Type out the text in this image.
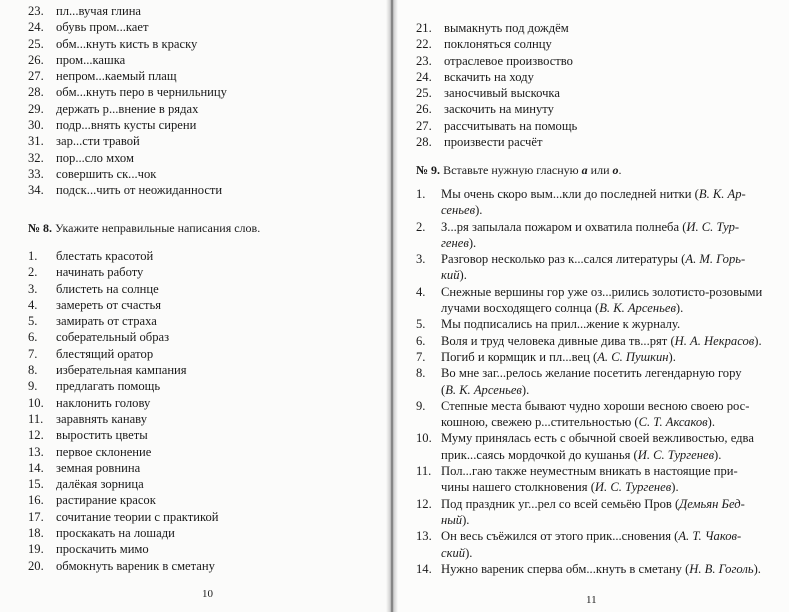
23. пл...вучая глина
24. обувь пром...кает
25. обм...кнуть кисть в краску
26. пром...кашка
27. непром...каемый плащ
28. обм...кнуть перо в чернильницу
29. держать р...внение в рядах
30. подр...внять кусты сирени
31. зар...сти травой
32. пор...сло мхом
33. совершить ск...чок
34. подск...чить от неожиданности
№ 8. Укажите неправильные написания слов.
1.	блестать красотой
2.	начинать работу
3.	блистеть на солнце
4.	замереть от счастья
5.	замирать от страха
6.	соберательный образ
7.	блестящий оратор
8.	изберательная кампания
9.	предлагать помощь
10. наклонить голову
11.	заравнять канаву
12. выростить цветы
13. первое склонение
14. земная ровнина
15. далёкая зорница
16. растирание красок
17. сочитание теории с практикой
18. проскакать на лошади
19. проскачить мимо
20. обмокнуть вареник в сметану
10
21. вымакнуть под дождём
22. поклоняться солнцу
23. отраслевое произвоство
24. вскачить на ходу
25. заносчивый выскочка
26. заскочить на минуту
27. рассчитывать на помощь
28. произвести расчёт
№ 9. Вставьте нужную гласную а или о.
1.	Мы очень скоро вым...кли до последней нитки (В. К. Ар-
сеньев).
2.	З...ря запылала пожаром и охватила полнеба (И. С. Тур-
генев).
3.	Разговор несколько раз к...сался литературы (А. М. Горь-
кий).
4.	Снежные вершины гор уже оз...рились золотисто-розовыми
лучами восходящего солнца (В. К. Арсеньев).
5.	Мы подписались на прил...жение к журналу.
6.	Воля и труд человека дивные дива тв...рят (Н. А. Некрасов).
7.	Погиб и кормщик и пл...вец (А. С. Пушкин).
8.	Во мне заг...релось желание посетить легендарную гору
(В. К. Арсеньев).
9.	Степные места бывают чудно хороши весною своею рос-
кошною, свежею р...стительностью (С. Т. Аксаков).
10. Муму принялась есть с обычной своей вежливостью, едва
прик...саясь мордочкой до кушанья (И. С. Тургенев).
11. Пол...гаю также неуместным вникать в настоящие при-
чины нашего столкновения (И. С. Тургенев).
12. Под праздник уг...рел со всей семьёю Пров (Демьян Бед-
ный).
13. Он весь съёжился от этого прик...сновения (А. Т. Чаков-
ский).
14. Нужно вареник сперва обм...кнуть в сметану (Н. В. Гоголь).
11
